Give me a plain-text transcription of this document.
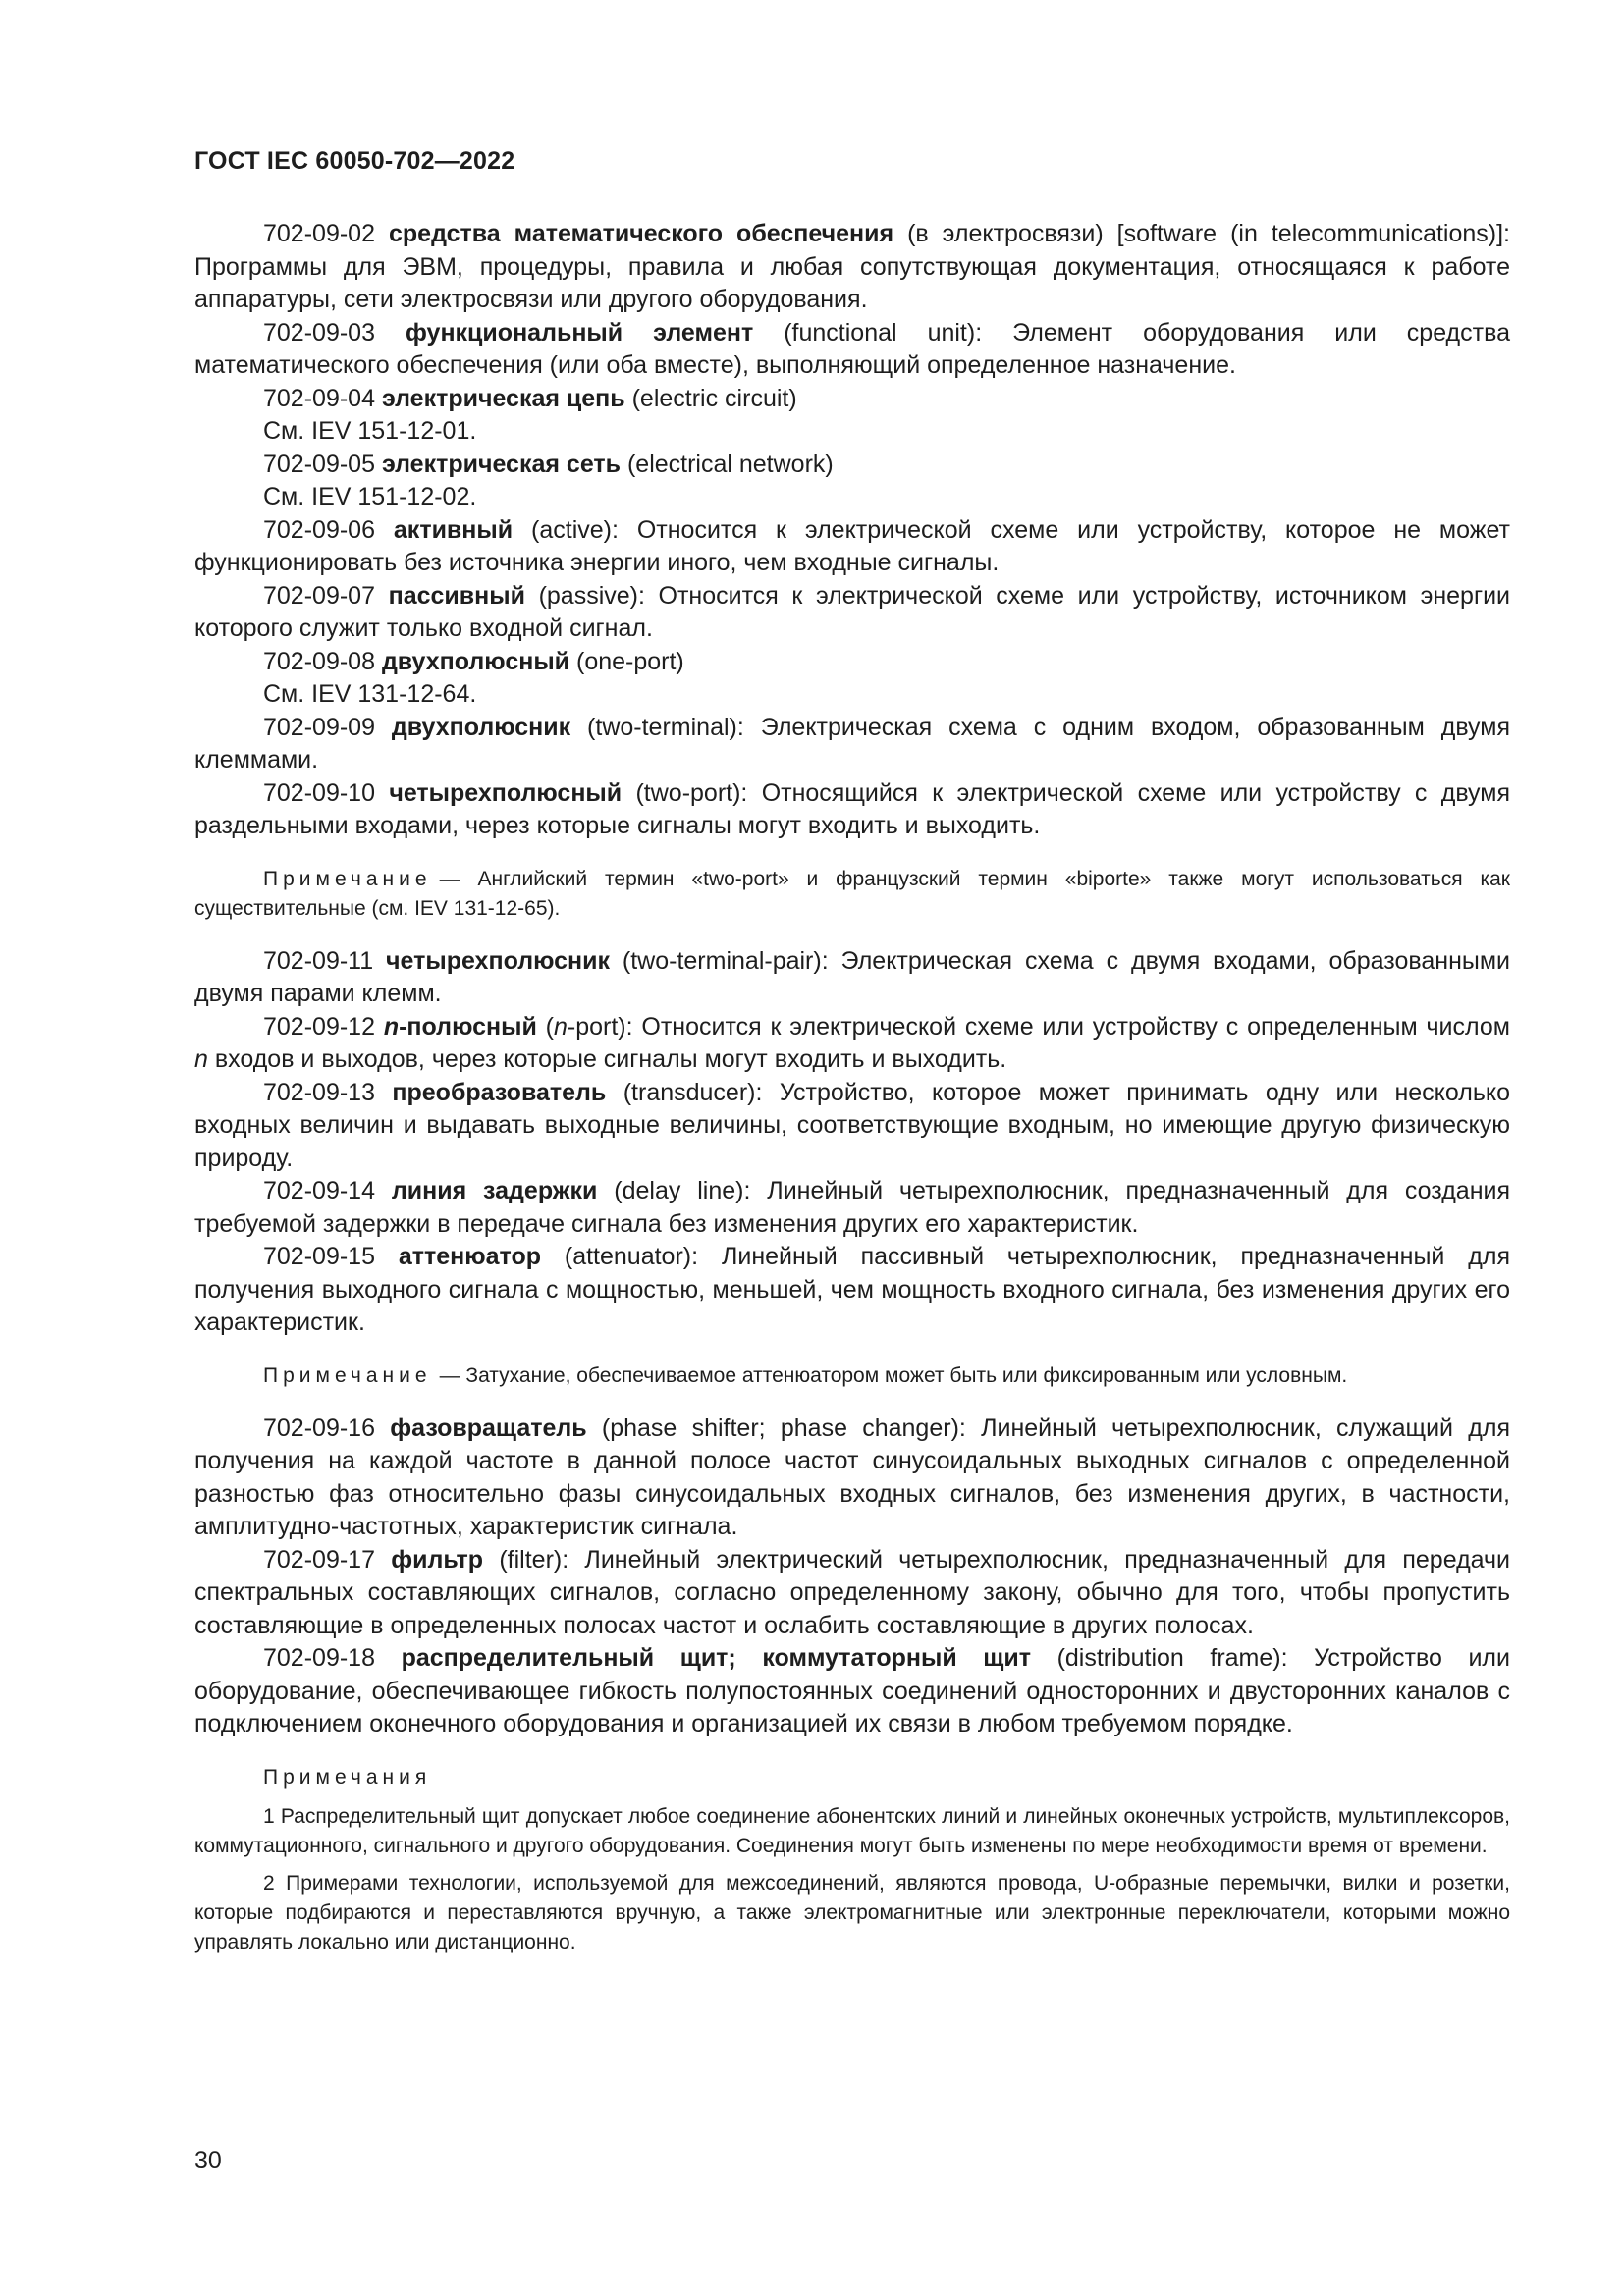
ГОСТ IEC 60050-702—2022

702-09-02 средства математического обеспечения (в электросвязи) [software (in telecommunications)]: Программы для ЭВМ, процедуры, правила и любая сопутствующая документация, относящаяся к работе аппаратуры, сети электросвязи или другого оборудования.

702-09-03 функциональный элемент (functional unit): Элемент оборудования или средства математического обеспечения (или оба вместе), выполняющий определенное назначение.

702-09-04 электрическая цепь (electric circuit)

См. IEV 151-12-01.

702-09-05 электрическая сеть (electrical network)

См. IEV 151-12-02.

702-09-06 активный (active): Относится к электрической схеме или устройству, которое не может функционировать без источника энергии иного, чем входные сигналы.

702-09-07 пассивный (passive): Относится к электрической схеме или устройству, источником энергии которого служит только входной сигнал.

702-09-08 двухполюсный (one-port)

См. IEV 131-12-64.

702-09-09 двухполюсник (two-terminal): Электрическая схема с одним входом, образованным двумя клеммами.

702-09-10 четырехполюсный (two-port): Относящийся к электрической схеме или устройству с двумя раздельными входами, через которые сигналы могут входить и выходить.

Примечание — Английский термин «two-port» и французский термин «biporte» также могут использоваться как существительные (см. IEV 131-12-65).

702-09-11 четырехполюсник (two-terminal-pair): Электрическая схема с двумя входами, образованными двумя парами клемм.

702-09-12 n-полюсный (n-port): Относится к электрической схеме или устройству с определенным числом n входов и выходов, через которые сигналы могут входить и выходить.

702-09-13 преобразователь (transducer): Устройство, которое может принимать одну или несколько входных величин и выдавать выходные величины, соответствующие входным, но имеющие другую физическую природу.

702-09-14 линия задержки (delay line): Линейный четырехполюсник, предназначенный для создания требуемой задержки в передаче сигнала без изменения других его характеристик.

702-09-15 аттенюатор (attenuator): Линейный пассивный четырехполюсник, предназначенный для получения выходного сигнала с мощностью, меньшей, чем мощность входного сигнала, без изменения других его характеристик.

Примечание — Затухание, обеспечиваемое аттенюатором может быть или фиксированным или условным.

702-09-16 фазовращатель (phase shifter; phase changer): Линейный четырехполюсник, служащий для получения на каждой частоте в данной полосе частот синусоидальных выходных сигналов с определенной разностью фаз относительно фазы синусоидальных входных сигналов, без изменения других, в частности, амплитудно-частотных, характеристик сигнала.

702-09-17 фильтр (filter): Линейный электрический четырехполюсник, предназначенный для передачи спектральных составляющих сигналов, согласно определенному закону, обычно для того, чтобы пропустить составляющие в определенных полосах частот и ослабить составляющие в других полосах.

702-09-18 распределительный щит; коммутаторный щит (distribution frame): Устройство или оборудование, обеспечивающее гибкость полупостоянных соединений односторонних и двусторонних каналов с подключением оконечного оборудования и организацией их связи в любом требуемом порядке.

Примечания

1 Распределительный щит допускает любое соединение абонентских линий и линейных оконечных устройств, мультиплексоров, коммутационного, сигнального и другого оборудования. Соединения могут быть изменены по мере необходимости время от времени.

2 Примерами технологии, используемой для межсоединений, являются провода, U-образные перемычки, вилки и розетки, которые подбираются и переставляются вручную, а также электромагнитные или электронные переключатели, которыми можно управлять локально или дистанционно.

30
